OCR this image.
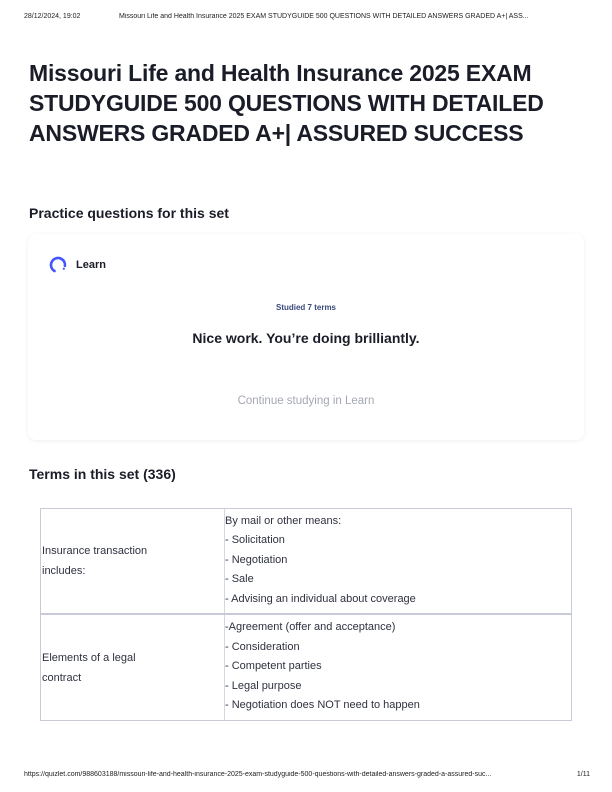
28/12/2024, 19:02	Missouri Life and Health Insurance 2025 EXAM STUDYGUIDE 500 QUESTIONS WITH DETAILED ANSWERS GRADED A+| ASS...
Missouri Life and Health Insurance 2025 EXAM
STUDYGUIDE 500 QUESTIONS WITH DETAILED
ANSWERS GRADED A+| ASSURED SUCCESS
Practice questions for this set
Learn
Studied 7 terms
Nice work. You’re doing brilliantly.
Continue studying in Learn
Terms in this set (336)
Insurance transaction
includes:
By mail or other means:
- Solicitation
- Negotiation
- Sale
- Advising an individual about coverage
Elements of a legal
contract
-Agreement (offer and acceptance)
- Consideration
- Competent parties
- Legal purpose
- Negotiation does NOT need to happen
https://quizlet.com/988603188/missouri-life-and-health-insurance-2025-exam-studyguide-500-questions-with-detailed-answers-graded-a-assured-suc...	1/11
